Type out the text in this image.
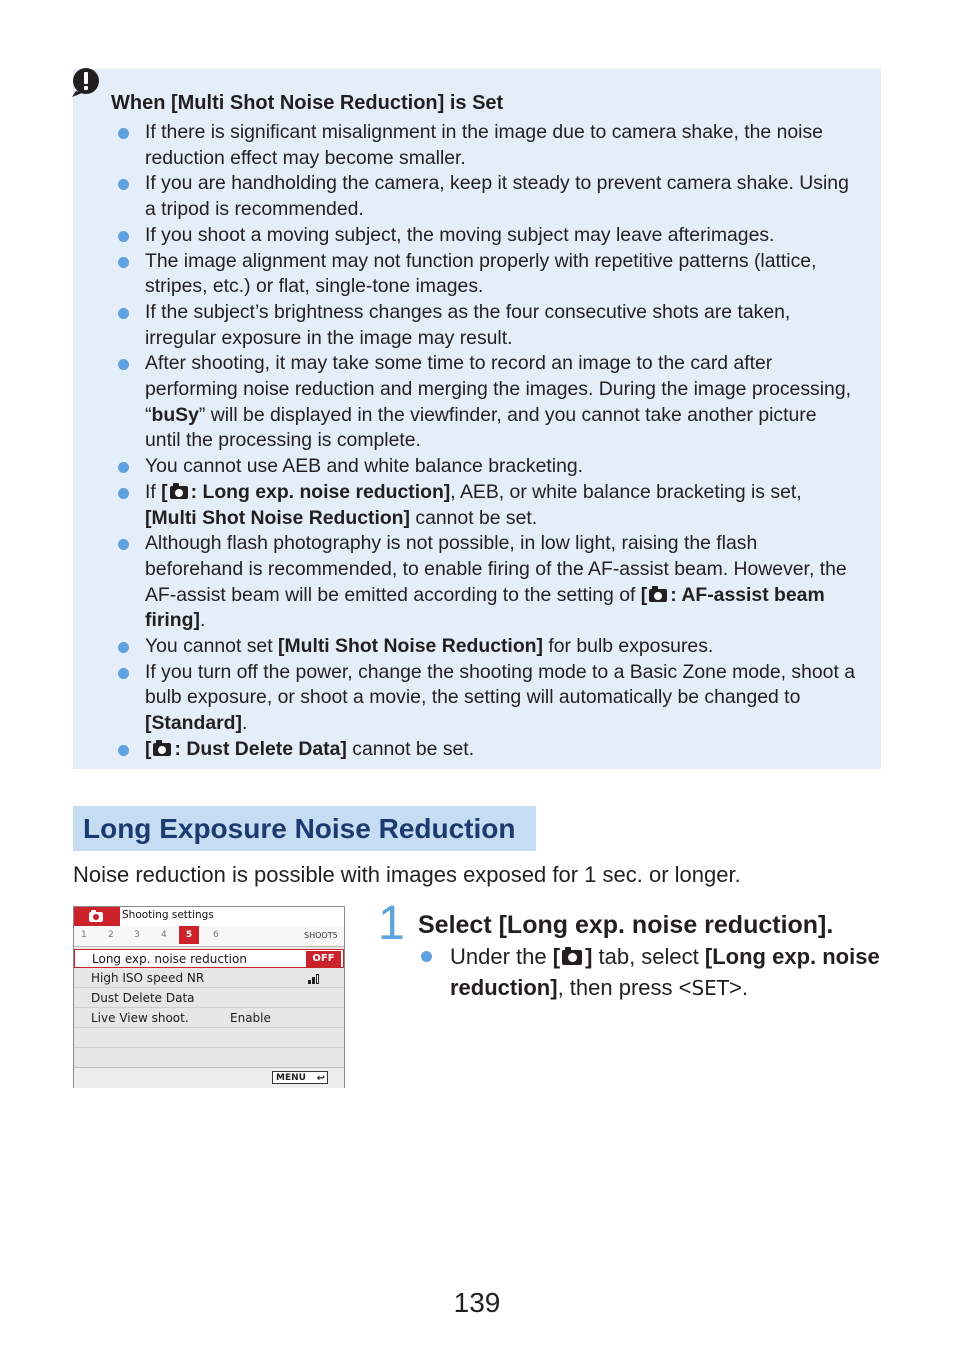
When [Multi Shot Noise Reduction] is Set
If there is significant misalignment in the image due to camera shake, the noise reduction effect may become smaller.
If you are handholding the camera, keep it steady to prevent camera shake. Using a tripod is recommended.
If you shoot a moving subject, the moving subject may leave afterimages.
The image alignment may not function properly with repetitive patterns (lattice, stripes, etc.) or flat, single-tone images.
If the subject’s brightness changes as the four consecutive shots are taken, irregular exposure in the image may result.
After shooting, it may take some time to record an image to the card after performing noise reduction and merging the images. During the image processing, “buSy” will be displayed in the viewfinder, and you cannot take another picture until the processing is complete.
You cannot use AEB and white balance bracketing.
If [ : Long exp. noise reduction], AEB, or white balance bracketing is set, [Multi Shot Noise Reduction] cannot be set.
Although flash photography is not possible, in low light, raising the flash beforehand is recommended, to enable firing of the AF-assist beam. However, the AF-assist beam will be emitted according to the setting of [ : AF-assist beam firing].
You cannot set [Multi Shot Noise Reduction] for bulb exposures.
If you turn off the power, change the shooting mode to a Basic Zone mode, shoot a bulb exposure, or shoot a movie, the setting will automatically be changed to [Standard].
[ : Dust Delete Data] cannot be set.
Long Exposure Noise Reduction

Noise reduction is possible with images exposed for 1 sec. or longer.

Shooting settings
1 2 3 4	5	6	SHOOT5
Long exp. noise reduction	OFF
High ISO speed NR
Dust Delete Data
Live View shoot.	Enable
MENU ↩

1 Select [Long exp. noise reduction].

Under the [ ] tab, select [Long exp. noise reduction], then press <SET>.

139
